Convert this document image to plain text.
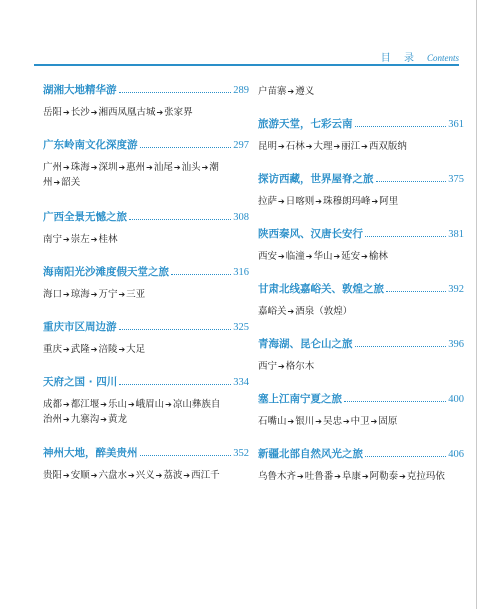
目 录 Contents
湖湘大地精华游	289
岳阳➔长沙➔湘西凤凰古城➔张家界
广东岭南文化深度游	297
广州➔珠海➔深圳➔惠州➔汕尾➔汕头➔潮
州➔韶关
广西全景无憾之旅	308
南宁➔崇左➔桂林
海南阳光沙滩度假天堂之旅	316
海口➔琼海➔万宁➔三亚
重庆市区周边游	325
重庆➔武隆➔涪陵➔大足
天府之国 · 四川	334
成都➔都江堰➔乐山➔峨眉山➔凉山彝族自
治州➔九寨沟➔黄龙
神州大地，醉美贵州	352
贵阳➔安顺➔六盘水➔兴义➔荔波➔西江千
户苗寨➔遵义
旅游天堂，七彩云南	361
昆明➔石林➔大理➔丽江➔西双版纳
探访西藏，世界屋脊之旅	375
拉萨➔日喀则➔珠穆朗玛峰➔阿里
陕西秦风、汉唐长安行	381
西安➔临潼➔华山➔延安➔榆林
甘肃北线嘉峪关、敦煌之旅	392
嘉峪关➔酒泉（敦煌）
青海湖、昆仑山之旅	396
西宁➔格尔木
塞上江南宁夏之旅	400
石嘴山➔银川➔吴忠➔中卫➔固原
新疆北部自然风光之旅	406
乌鲁木齐➔吐鲁番➔阜康➔阿勒泰➔克拉玛依
